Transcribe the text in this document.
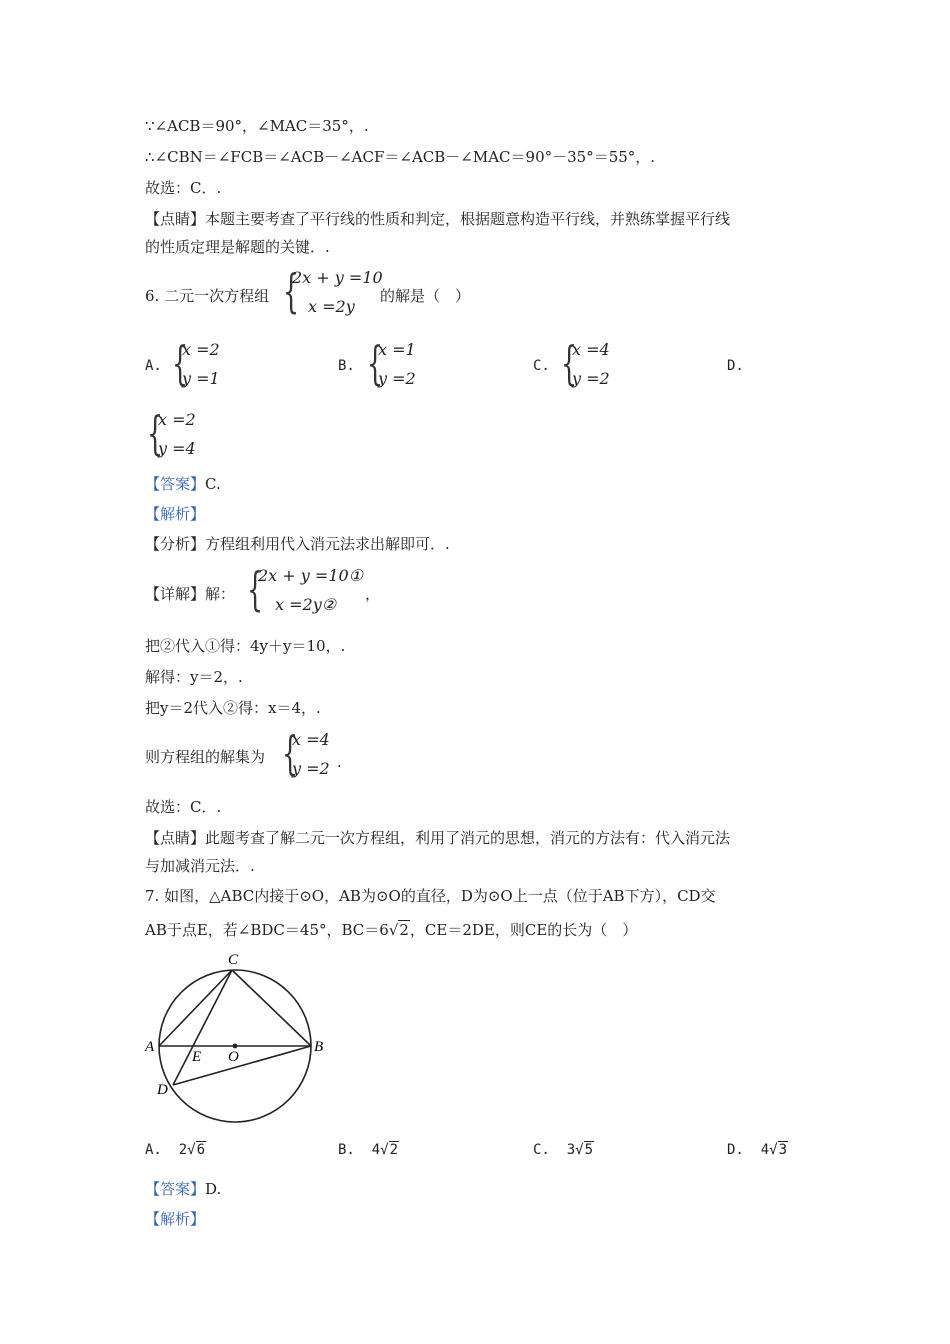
∵∠ACB＝90°，∠MAC＝35°，.
∴∠CBN＝∠FCB＝∠ACB－∠ACF＝∠ACB－∠MAC＝90°－35°＝55°，.
故选：C．.
【点睛】本题主要考查了平行线的性质和判定，根据题意构造平行线，并熟练掌握平行线
的性质定理是解题的关键．.
6. 二元一次方程组 {
2x + y =10
x =2y
的解是（　）
A. {
x =2
y =1
B. {
x =1
y =2
C. {
x =4
y =2
D.
{
x =2
y =4
【答案】C.
【解析】
【分析】方程组利用代入消元法求出解即可．.
【详解】解： {
2x + y =10①
x =2y②
，
把②代入①得：4y＋y＝10，.
解得：y＝2，.
把y＝2代入②得：x＝4，.
则方程组的解集为 {
x =4
y =2 .
故选：C．.
【点睛】此题考查了解二元一次方程组，利用了消元的思想，消元的方法有：代入消元法
与加减消元法．.
7. 如图，△ABC内接于⊙O，AB为⊙O的直径，D为⊙O上一点（位于AB下方），CD交
AB于点E，若∠BDC＝45°，BC＝6√2，CE＝2DE，则CE的长为（　）
C
A	B
E O
D
A. 2√6	B. 4√2	C. 3√5	D. 4√3
【答案】D.
【解析】
